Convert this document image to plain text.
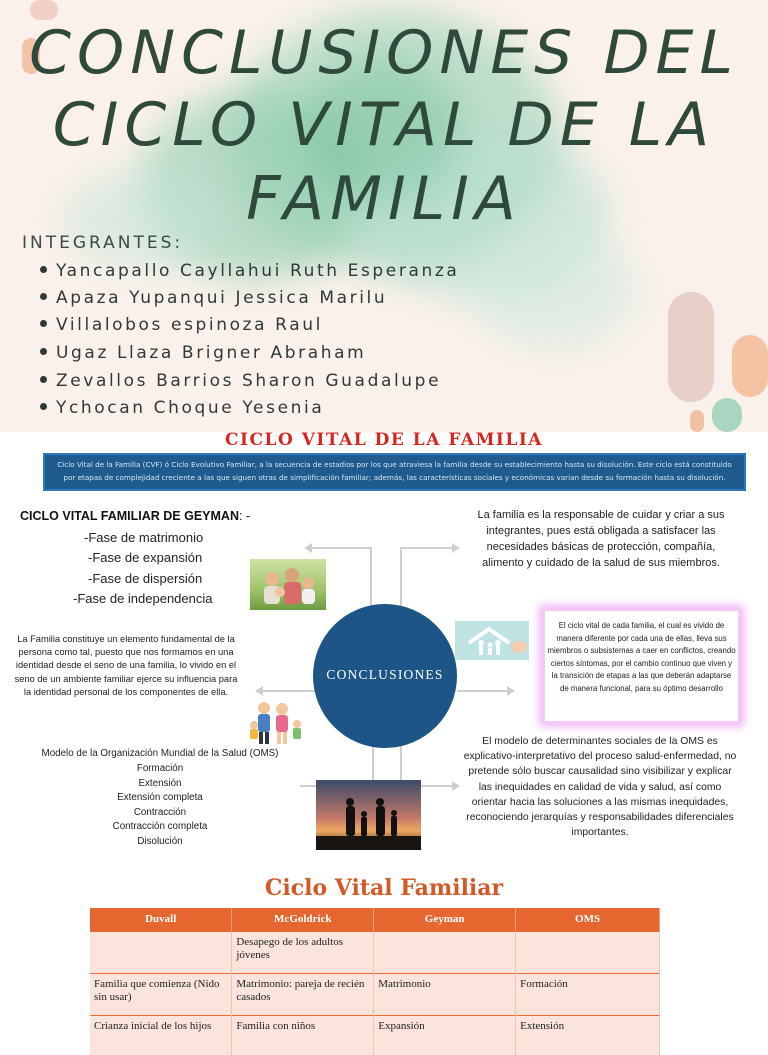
CONCLUSIONES DEL
CICLO VITAL DE LA
FAMILIA
INTEGRANTES:
Yancapallo Cayllahui Ruth Esperanza
Apaza Yupanqui Jessica Marilu
Villalobos espinoza Raul
Ugaz Llaza Brigner Abraham
Zevallos Barrios Sharon Guadalupe
Ychocan Choque Yesenia
CICLO VITAL DE LA FAMILIA
Ciclo Vital de la Familia (CVF) ó Ciclo Evolutivo Familiar, a la secuencia de estadios por los que atraviesa la familia desde su establecimiento hasta su disolución. Este ciclo está constituido por etapas de complejidad creciente a las que siguen otras de simplificación familiar; además, las características sociales y económicas varían desde su formación hasta su disolución.
CICLO VITAL FAMILIAR DE GEYMAN: -
-Fase de matrimonio
-Fase de expansión
-Fase de dispersión
-Fase de independencia
La familia es la responsable de cuidar y criar a sus integrantes, pues está obligada a satisfacer las necesidades básicas de protección, compañía, alimento y cuidado de la salud de sus miembros.
La Familia constituye un elemento fundamental de la persona como tal, puesto que nos formamos en una identidad desde el seno de una familia, lo vivido en el seno de un ambiente familiar ejerce su influencia para la identidad personal de los componentes de ella.
El ciclo vital de cada familia, el cual es vivido de manera diferente por cada una de ellas, lleva sus miembros o subsistemas a caer en conflictos, creando ciertos síntomas, por el cambio continuo que viven y la transición de etapas a las que deberán adaptarse de manera funcional, para su óptimo desarrollo
Modelo de la Organización Mundial de la Salud (OMS)
Formación
Extensión
Extensión completa
Contracción
Contracción completa
Disolución
El modelo de determinantes sociales de la OMS es explicativo-interpretativo del proceso salud-enfermedad, no pretende sólo buscar causalidad sino visibilizar y explicar las inequidades en calidad de vida y salud, así como orientar hacia las soluciones a las mismas inequidades, reconociendo jerarquías y responsabilidades diferenciales importantes.
CONCLUSIONES
Ciclo Vital Familiar
Duvall	McGoldrick	Geyman	OMS
	Desapego de los adultos jóvenes		
Familia que comienza (Nido sin usar)	Matrimonio: pareja de recién casados	Matrimonio	Formación
Crianza inicial de los hijos	Familia con niños	Expansión	Extensión
